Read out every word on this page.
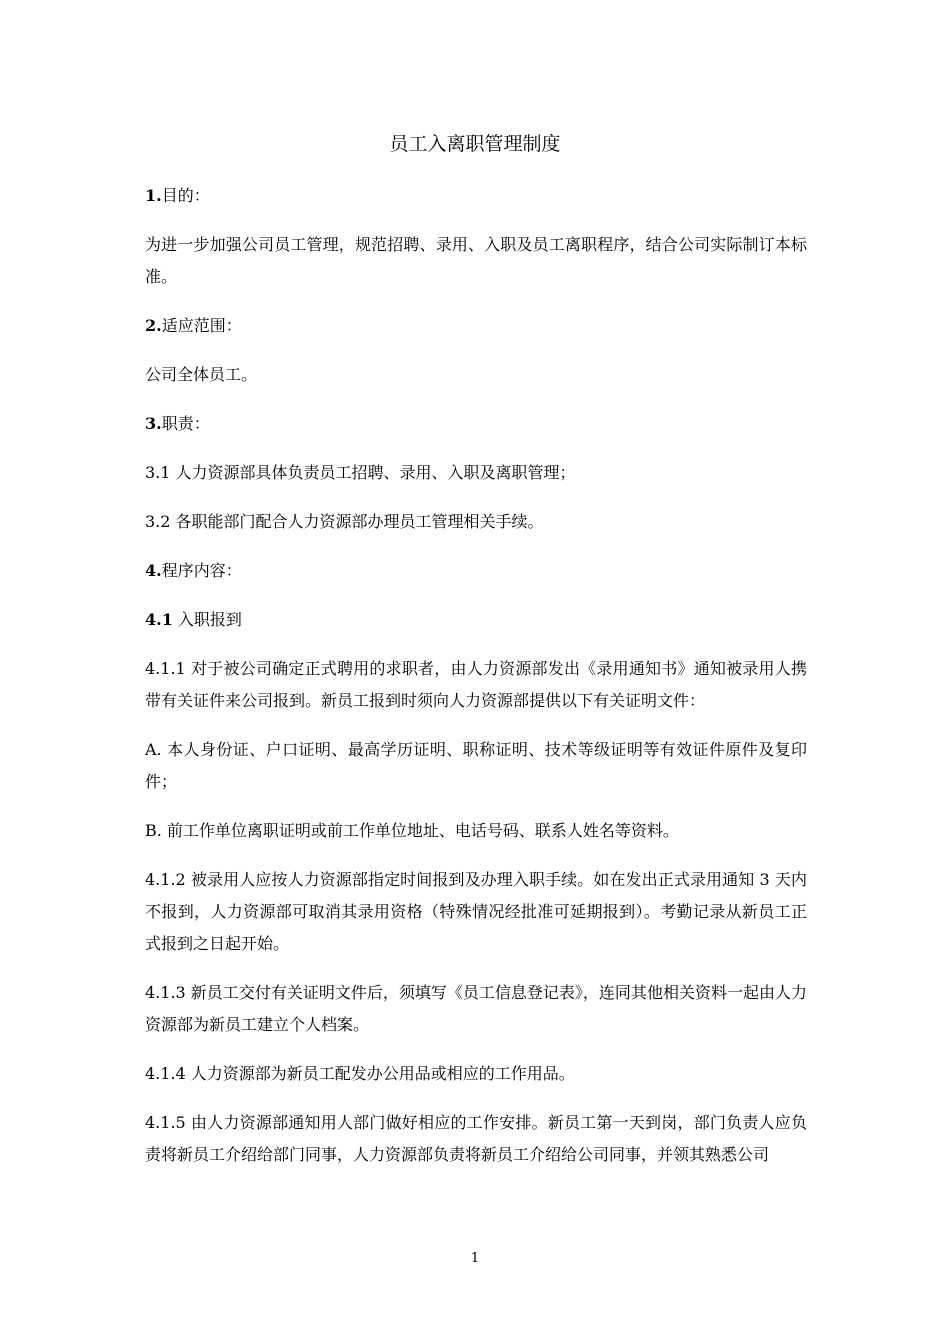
员工入离职管理制度
1.目的：
为进一步加强公司员工管理，规范招聘、录用、入职及员工离职程序，结合公司实际制订本标准。
2.适应范围：
公司全体员工。
3.职责：
3.1 人力资源部具体负责员工招聘、录用、入职及离职管理；
3.2 各职能部门配合人力资源部办理员工管理相关手续。
4.程序内容：
4.1 入职报到
4.1.1 对于被公司确定正式聘用的求职者，由人力资源部发出《录用通知书》通知被录用人携带有关证件来公司报到。新员工报到时须向人力资源部提供以下有关证明文件：
A. 本人身份证、户口证明、最高学历证明、职称证明、技术等级证明等有效证件原件及复印件；
B. 前工作单位离职证明或前工作单位地址、电话号码、联系人姓名等资料。
4.1.2 被录用人应按人力资源部指定时间报到及办理入职手续。如在发出正式录用通知 3 天内不报到，人力资源部可取消其录用资格（特殊情况经批准可延期报到）。考勤记录从新员工正式报到之日起开始。
4.1.3 新员工交付有关证明文件后，须填写《员工信息登记表》，连同其他相关资料一起由人力资源部为新员工建立个人档案。
4.1.4 人力资源部为新员工配发办公用品或相应的工作用品。
4.1.5 由人力资源部通知用人部门做好相应的工作安排。新员工第一天到岗，部门负责人应负责将新员工介绍给部门同事，人力资源部负责将新员工介绍给公司同事，并领其熟悉公司
1
